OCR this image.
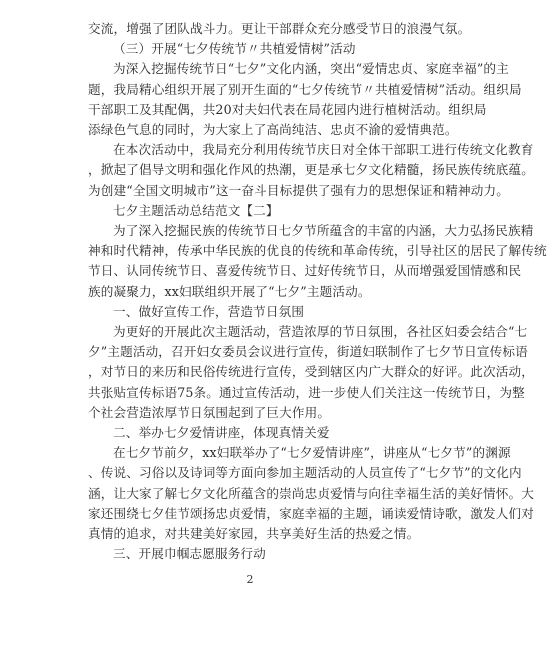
交流，增强了团队战斗力。更让干部群众充分感受节日的浪漫气氛。
（三）开展“七夕传统节〃共植爱情树”活动
为深入挖掘传统节日“七夕”文化内涵，突出“爱情忠贞、家庭幸福”的主
题，我局精心组织开展了别开生面的“七夕传统节〃共植爱情树”活动。组织局
干部职工及其配偶，共20对夫妇代表在局花园内进行植树活动。组织局
添绿色气息的同时，为大家上了高尚纯洁、忠贞不渝的爱情典范。
在本次活动中，我局充分利用传统节庆日对全体干部职工进行传统文化教育
，掀起了倡导文明和强化作风的热潮，更是承七夕文化精髓，扬民族传统底蕴。
为创建“全国文明城市”这一奋斗目标提供了强有力的思想保证和精神动力。
七夕主题活动总结范文【二】
为了深入挖掘民族的传统节日七夕节所蕴含的丰富的内涵，大力弘扬民族精
神和时代精神，传承中华民族的优良的传统和革命传统，引导社区的居民了解传统
节日、认同传统节日、喜爱传统节日、过好传统节日，从而增强爱国情感和民
族的凝聚力，xx妇联组织开展了“七夕”主题活动。
一、做好宣传工作，营造节日氛围
为更好的开展此次主题活动，营造浓厚的节日氛围，各社区妇委会结合“七
夕”主题活动，召开妇女委员会议进行宣传，街道妇联制作了七夕节日宣传标语
，对节日的来历和民俗传统进行宣传，受到辖区内广大群众的好评。此次活动，
共张贴宣传标语75条。通过宣传活动，进一步使人们关注这一传统节日，为整
个社会营造浓厚节日氛围起到了巨大作用。
二、举办七夕爱情讲座，体现真情关爱
在七夕节前夕，xx妇联举办了“七夕爱情讲座”，讲座从“七夕节”的渊源
、传说、习俗以及诗词等方面向参加主题活动的人员宣传了“七夕节”的文化内
涵，让大家了解七夕文化所蕴含的崇尚忠贞爱情与向往幸福生活的美好情怀。大
家还围绕七夕佳节颂扬忠贞爱情，家庭幸福的主题，诵读爱情诗歌，激发人们对
真情的追求，对共建美好家园，共享美好生活的热爱之情。
三、开展巾帼志愿服务行动
2
